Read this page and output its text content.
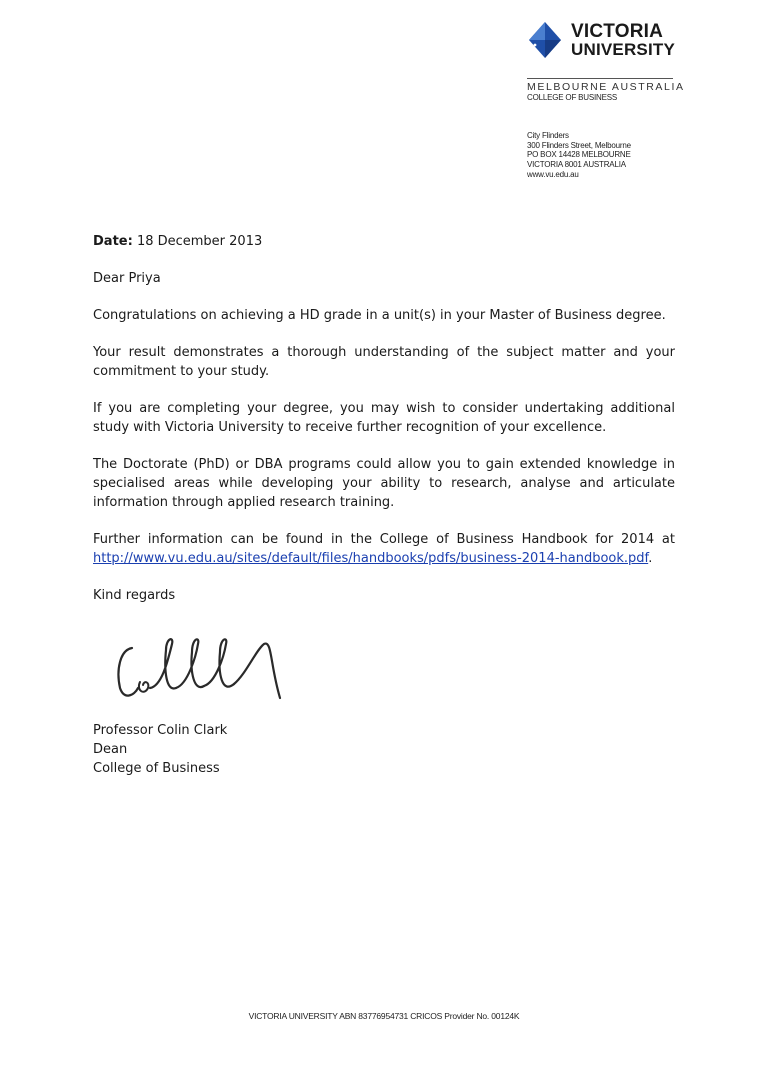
VICTORIA
UNIVERSITY
MELBOURNE AUSTRALIA
COLLEGE OF BUSINESS
City Flinders
300 Flinders Street, Melbourne
PO BOX 14428 MELBOURNE
VICTORIA 8001 AUSTRALIA
www.vu.edu.au

Date: 18 December 2013

Dear Priya

Congratulations on achieving a HD grade in a unit(s) in your Master of Business degree.

Your result demonstrates a thorough understanding of the subject matter and your commitment to your study.

If you are completing your degree, you may wish to consider undertaking additional study with Victoria University to receive further recognition of your excellence.

The Doctorate (PhD) or DBA programs could allow you to gain extended knowledge in specialised areas while developing your ability to research, analyse and articulate information through applied research training.

Further information can be found in the College of Business Handbook for 2014 at http://www.vu.edu.au/sites/default/files/handbooks/pdfs/business-2014-handbook.pdf.

Kind regards

Professor Colin Clark
Dean
College of Business
VICTORIA UNIVERSITY ABN 83776954731 CRICOS Provider No. 00124K
